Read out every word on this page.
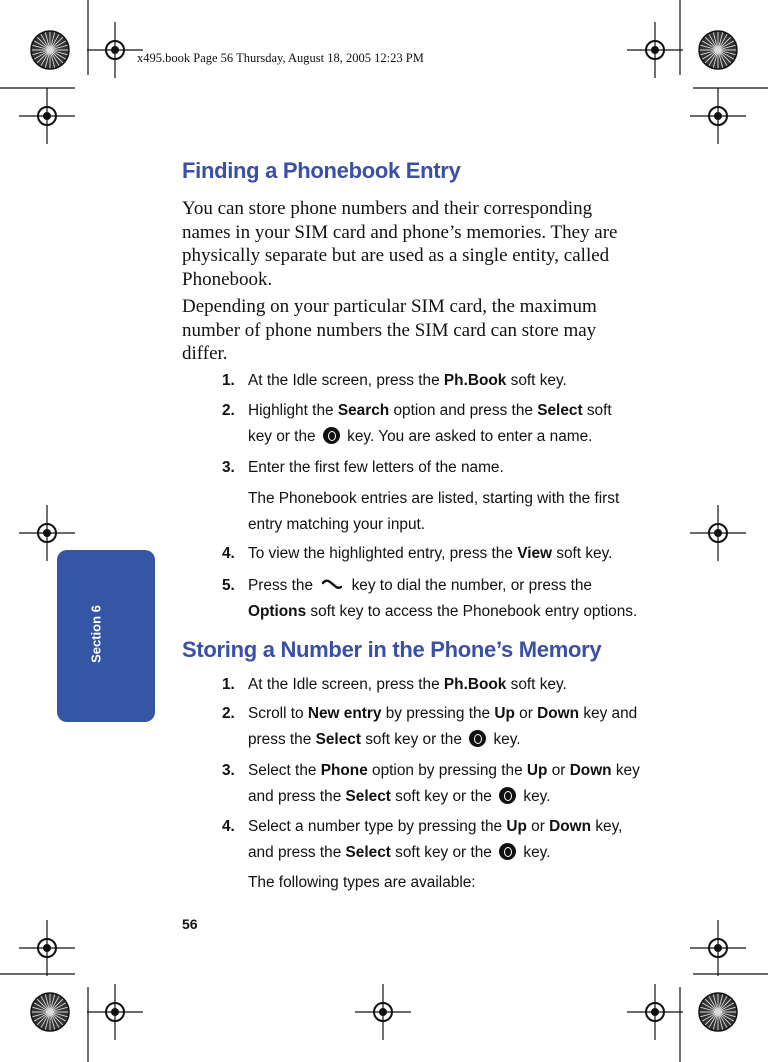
x495.book Page 56 Thursday, August 18, 2005 12:23 PM
Finding a Phonebook Entry
You can store phone numbers and their corresponding
names in your SIM card and phone’s memories. They are
physically separate but are used as a single entity, called
Phonebook.
Depending on your particular SIM card, the maximum
number of phone numbers the SIM card can store may
differ.
1. At the Idle screen, press the Ph.Book soft key.
2. Highlight the Search option and press the Select soft
key or the  key. You are asked to enter a name.
3. Enter the first few letters of the name.
The Phonebook entries are listed, starting with the first
entry matching your input.
4. To view the highlighted entry, press the View soft key.
5. Press the  key to dial the number, or press the
Options soft key to access the Phonebook entry options.
Storing a Number in the Phone’s Memory
1. At the Idle screen, press the Ph.Book soft key.
2. Scroll to New entry by pressing the Up or Down key and
press the Select soft key or the  key.
3. Select the Phone option by pressing the Up or Down key
and press the Select soft key or the  key.
4. Select a number type by pressing the Up or Down key,
and press the Select soft key or the  key.
The following types are available:
Section 6
56
